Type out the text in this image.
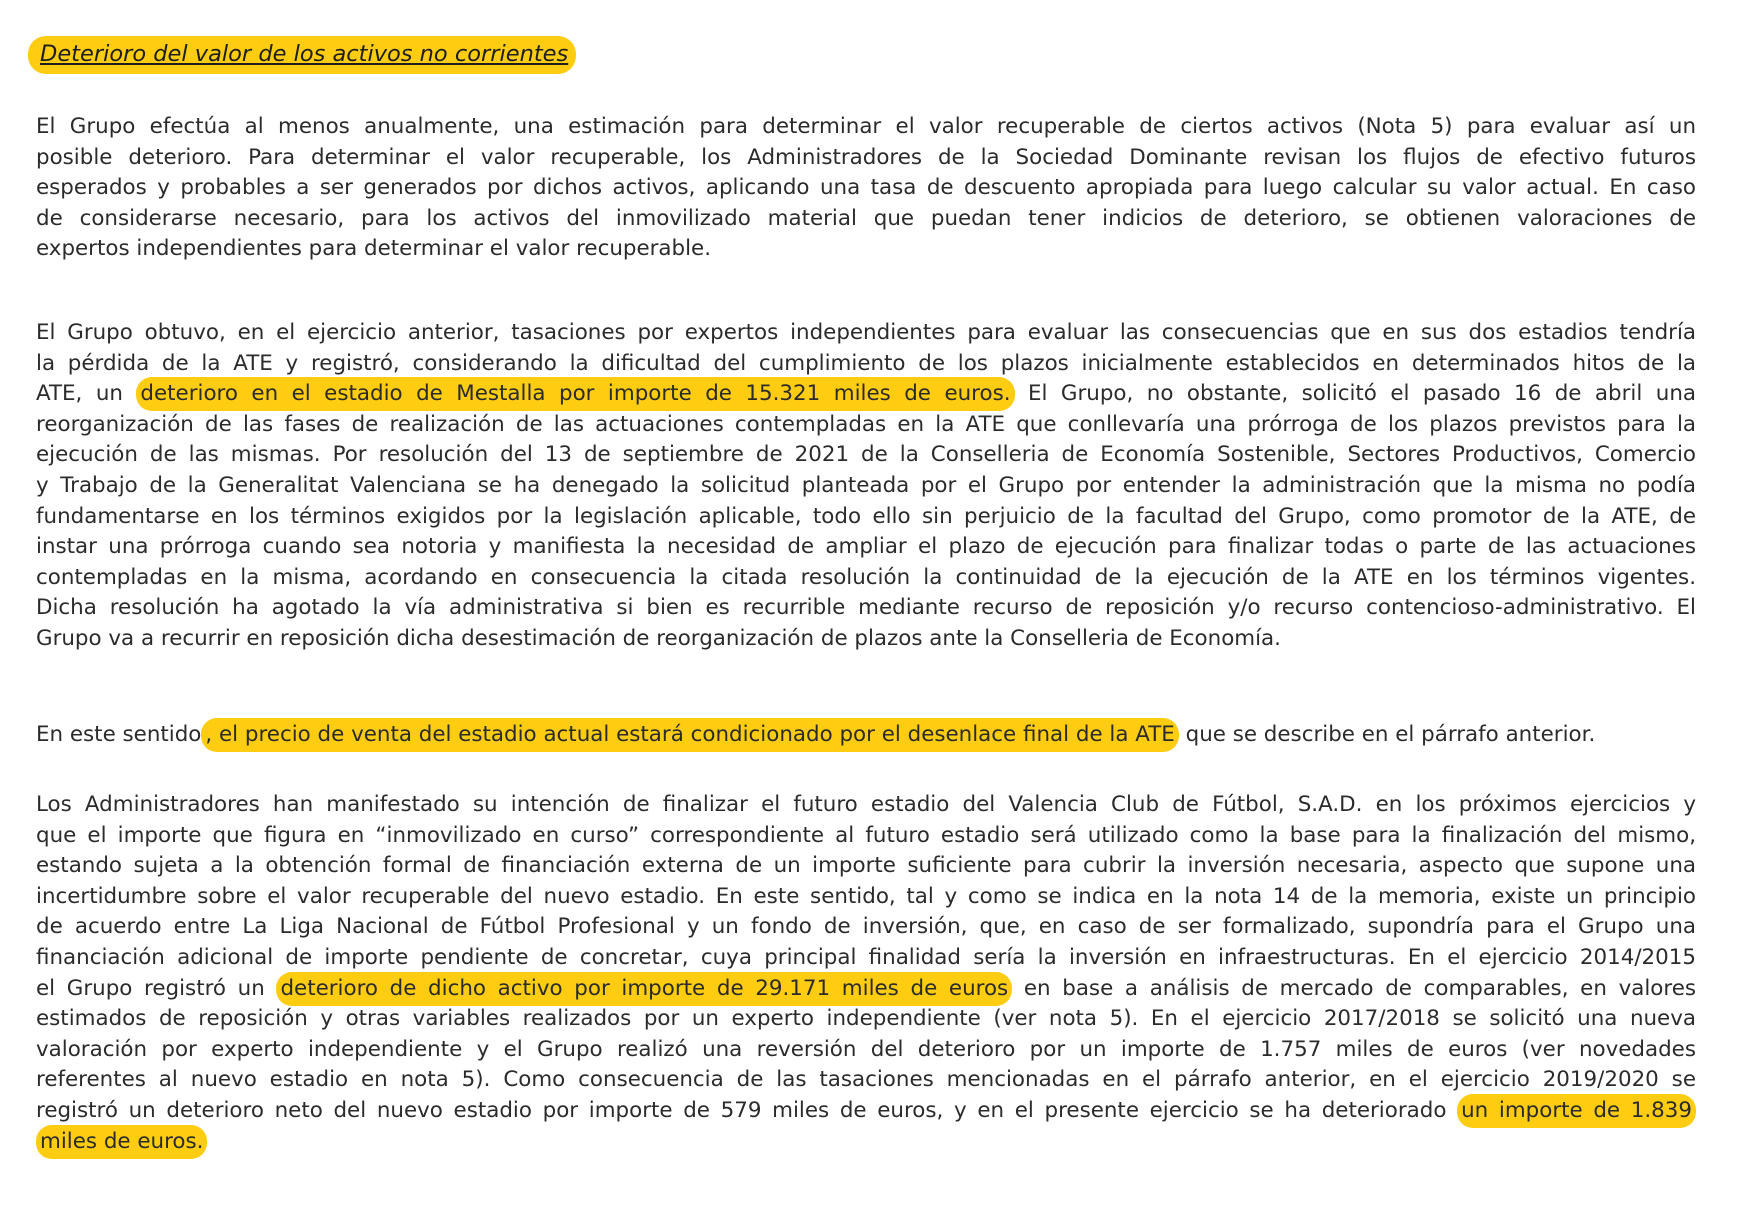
Deterioro del valor de los activos no corrientes

El Grupo efectúa al menos anualmente, una estimación para determinar el valor recuperable de ciertos activos (Nota 5) para evaluar así un
posible deterioro. Para determinar el valor recuperable, los Administradores de la Sociedad Dominante revisan los flujos de efectivo futuros
esperados y probables a ser generados por dichos activos, aplicando una tasa de descuento apropiada para luego calcular su valor actual. En caso
de considerarse necesario, para los activos del inmovilizado material que puedan tener indicios de deterioro, se obtienen valoraciones de
expertos independientes para determinar el valor recuperable.

El Grupo obtuvo, en el ejercicio anterior, tasaciones por expertos independientes para evaluar las consecuencias que en sus dos estadios tendría
la pérdida de la ATE y registró, considerando la dificultad del cumplimiento de los plazos inicialmente establecidos en determinados hitos de la
ATE, un deterioro en el estadio de Mestalla por importe de 15.321 miles de euros. El Grupo, no obstante, solicitó el pasado 16 de abril una
reorganización de las fases de realización de las actuaciones contempladas en la ATE que conllevaría una prórroga de los plazos previstos para la
ejecución de las mismas. Por resolución del 13 de septiembre de 2021 de la Conselleria de Economía Sostenible, Sectores Productivos, Comercio
y Trabajo de la Generalitat Valenciana se ha denegado la solicitud planteada por el Grupo por entender la administración que la misma no podía
fundamentarse en los términos exigidos por la legislación aplicable, todo ello sin perjuicio de la facultad del Grupo, como promotor de la ATE, de
instar una prórroga cuando sea notoria y manifiesta la necesidad de ampliar el plazo de ejecución para finalizar todas o parte de las actuaciones
contempladas en la misma, acordando en consecuencia la citada resolución la continuidad de la ejecución de la ATE en los términos vigentes.
Dicha resolución ha agotado la vía administrativa si bien es recurrible mediante recurso de reposición y/o recurso contencioso-administrativo. El
Grupo va a recurrir en reposición dicha desestimación de reorganización de plazos ante la Conselleria de Economía.

En este sentido , el precio de venta del estadio actual estará condicionado por el desenlace final de la ATE que se describe en el párrafo anterior.

Los Administradores han manifestado su intención de finalizar el futuro estadio del Valencia Club de Fútbol, S.A.D. en los próximos ejercicios y
que el importe que figura en “inmovilizado en curso” correspondiente al futuro estadio será utilizado como la base para la finalización del mismo,
estando sujeta a la obtención formal de financiación externa de un importe suficiente para cubrir la inversión necesaria, aspecto que supone una
incertidumbre sobre el valor recuperable del nuevo estadio. En este sentido, tal y como se indica en la nota 14 de la memoria, existe un principio
de acuerdo entre La Liga Nacional de Fútbol Profesional y un fondo de inversión, que, en caso de ser formalizado, supondría para el Grupo una
financiación adicional de importe pendiente de concretar, cuya principal finalidad sería la inversión en infraestructuras. En el ejercicio 2014/2015
el Grupo registró un deterioro de dicho activo por importe de 29.171 miles de euros en base a análisis de mercado de comparables, en valores
estimados de reposición y otras variables realizados por un experto independiente (ver nota 5). En el ejercicio 2017/2018 se solicitó una nueva
valoración por experto independiente y el Grupo realizó una reversión del deterioro por un importe de 1.757 miles de euros (ver novedades
referentes al nuevo estadio en nota 5). Como consecuencia de las tasaciones mencionadas en el párrafo anterior, en el ejercicio 2019/2020 se
registró un deterioro neto del nuevo estadio por importe de 579 miles de euros, y en el presente ejercicio se ha deteriorado un importe de 1.839
miles de euros.
